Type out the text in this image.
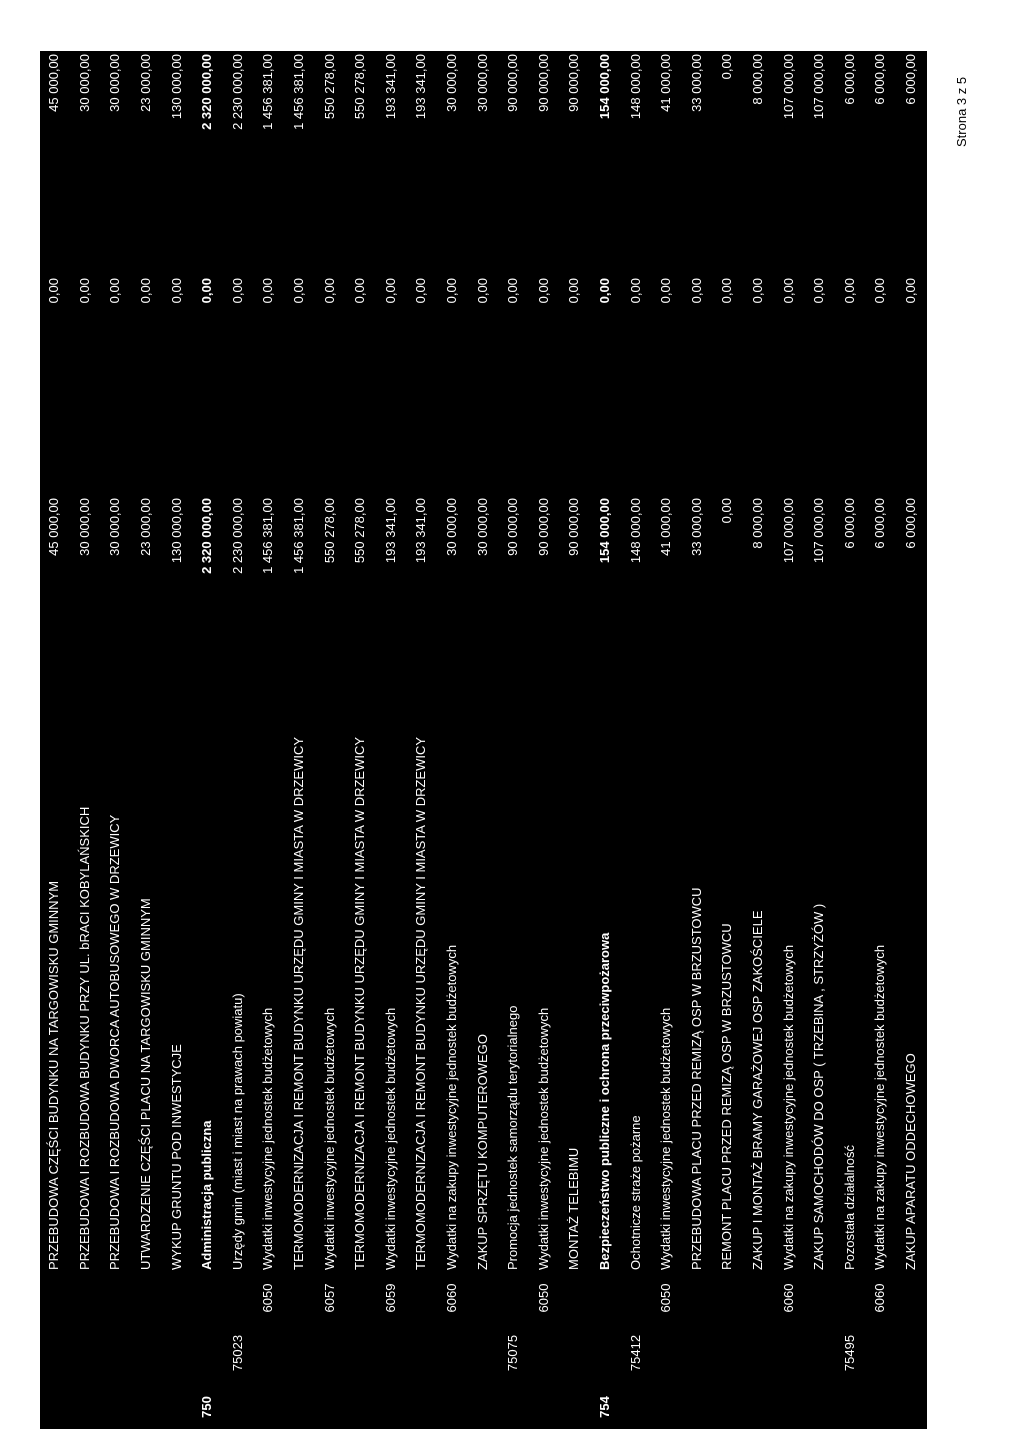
PRZEBUDOWA CZĘŚCI BUDYNKU NA TARGOWISKU GMINNYM
45 000,00
0,00
45 000,00
PRZEBUDOWA I ROZBUDOWA BUDYNKU PRZY UL. bRACI KOBYLAŃSKICH
30 000,00
0,00
30 000,00
PRZEBUDOWA I ROZBUDOWA DWORCA AUTOBUSOWEGO W DRZEWICY
30 000,00
0,00
30 000,00
UTWARDZENIE CZĘŚCI PLACU NA TARGOWISKU GMINNYM
23 000,00
0,00
23 000,00
WYKUP GRUNTU POD INWESTYCJE
130 000,00
0,00
130 000,00
750
Administracja publiczna
2 320 000,00
0,00
2 320 000,00
75023
Urzędy gmin (miast i miast na prawach powiatu)
2 230 000,00
0,00
2 230 000,00
6050
Wydatki inwestycyjne jednostek budżetowych
1 456 381,00
0,00
1 456 381,00
TERMOMODERNIZACJA I REMONT BUDYNKU URZĘDU GMINY I MIASTA W DRZEWICY
1 456 381,00
0,00
1 456 381,00
6057
Wydatki inwestycyjne jednostek budżetowych
550 278,00
0,00
550 278,00
TERMOMODERNIZACJA I REMONT BUDYNKU URZĘDU GMINY I MIASTA W DRZEWICY
550 278,00
0,00
550 278,00
6059
Wydatki inwestycyjne jednostek budżetowych
193 341,00
0,00
193 341,00
TERMOMODERNIZACJA I REMONT BUDYNKU URZĘDU GMINY I MIASTA W DRZEWICY
193 341,00
0,00
193 341,00
6060
Wydatki na zakupy inwestycyjne jednostek budżetowych
30 000,00
0,00
30 000,00
ZAKUP SPRZĘTU KOMPUTEROWEGO
30 000,00
0,00
30 000,00
75075
Promocja jednostek samorządu terytorialnego
90 000,00
0,00
90 000,00
6050
Wydatki inwestycyjne jednostek budżetowych
90 000,00
0,00
90 000,00
MONTAŻ TELEBIMU
90 000,00
0,00
90 000,00
754
Bezpieczeństwo publiczne i ochrona przeciwpożarowa
154 000,00
0,00
154 000,00
75412
Ochotnicze straże pożarne
148 000,00
0,00
148 000,00
6050
Wydatki inwestycyjne jednostek budżetowych
41 000,00
0,00
41 000,00
PRZEBUDOWA PLACU PRZED REMIZĄ OSP W BRZUSTOWCU
33 000,00
0,00
33 000,00
REMONT PLACU PRZED REMIZĄ OSP W BRZUSTOWCU
0,00
0,00
0,00
ZAKUP I MONTAŻ BRAMY GARAŻOWEJ OSP ZAKOŚCIELE
8 000,00
0,00
8 000,00
6060
Wydatki na zakupy inwestycyjne jednostek budżetowych
107 000,00
0,00
107 000,00
ZAKUP SAMOCHODÓW DO OSP ( TRZEBINA , STRZYŻÓW )
107 000,00
0,00
107 000,00
75495
Pozostała działalność
6 000,00
0,00
6 000,00
6060
Wydatki na zakupy inwestycyjne jednostek budżetowych
6 000,00
0,00
6 000,00
ZAKUP APARATU ODDECHOWEGO
6 000,00
0,00
6 000,00	Strona 3 z 5
